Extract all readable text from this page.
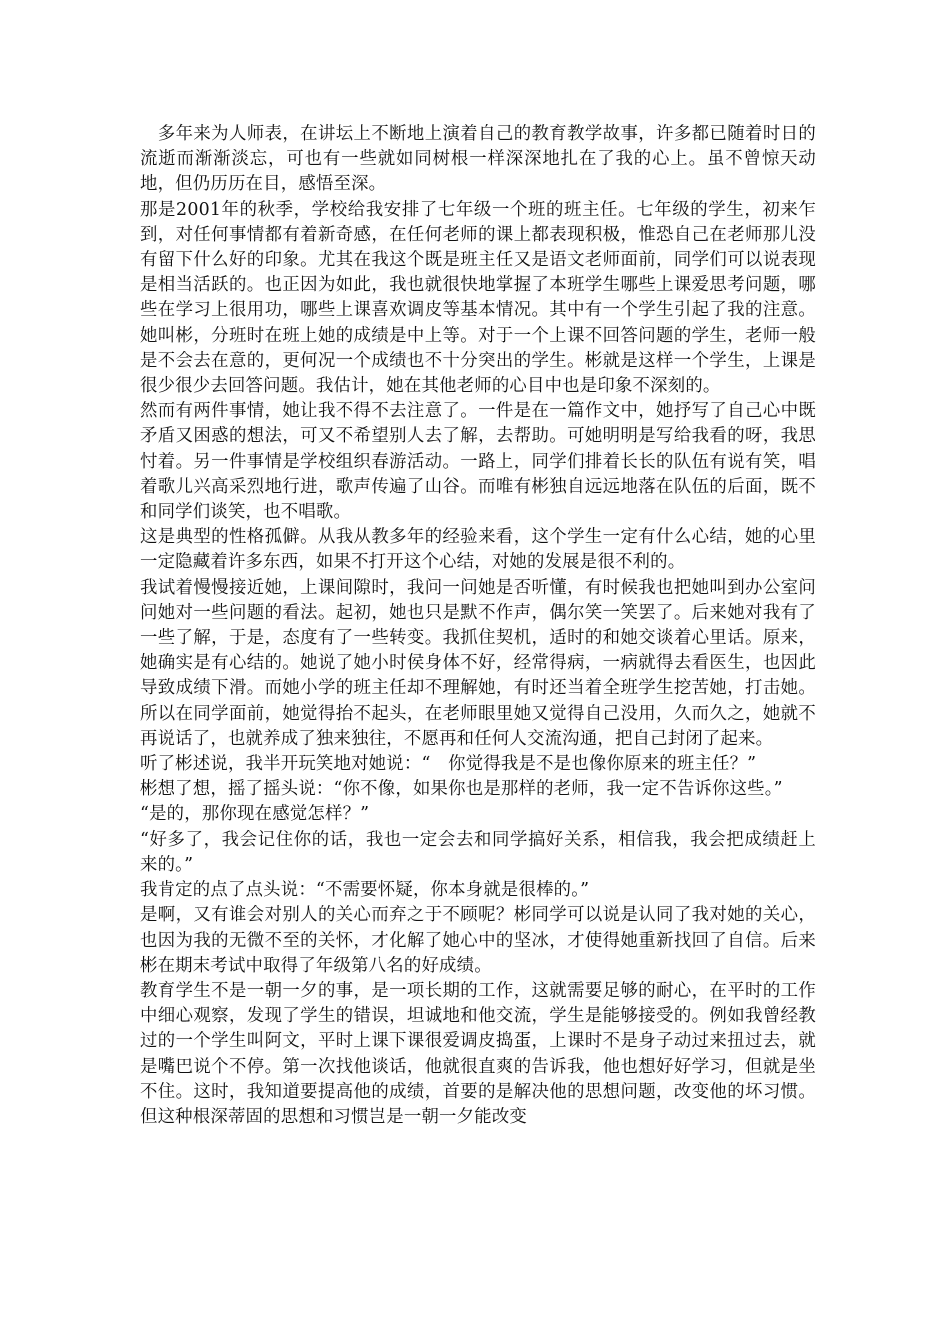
　多年来为人师表，在讲坛上不断地上演着自己的教育教学故事，许多都已随着时日的流逝而渐渐淡忘，可也有一些就如同树根一样深深地扎在了我的心上。虽不曾惊天动地，但仍历历在目，感悟至深。

那是2001年的秋季，学校给我安排了七年级一个班的班主任。七年级的学生，初来乍到，对任何事情都有着新奇感，在任何老师的课上都表现积极，惟恐自己在老师那儿没有留下什么好的印象。尤其在我这个既是班主任又是语文老师面前，同学们可以说表现是相当活跃的。也正因为如此，我也就很快地掌握了本班学生哪些上课爱思考问题，哪些在学习上很用功，哪些上课喜欢调皮等基本情况。其中有一个学生引起了我的注意。她叫彬，分班时在班上她的成绩是中上等。对于一个上课不回答问题的学生，老师一般是不会去在意的，更何况一个成绩也不十分突出的学生。彬就是这样一个学生，上课是很少很少去回答问题。我估计，她在其他老师的心目中也是印象不深刻的。

然而有两件事情，她让我不得不去注意了。一件是在一篇作文中，她抒写了自己心中既矛盾又困惑的想法，可又不希望别人去了解，去帮助。可她明明是写给我看的呀，我思忖着。另一件事情是学校组织春游活动。一路上，同学们排着长长的队伍有说有笑，唱着歌儿兴高采烈地行进，歌声传遍了山谷。而唯有彬独自远远地落在队伍的后面，既不和同学们谈笑，也不唱歌。

这是典型的性格孤僻。从我从教多年的经验来看，这个学生一定有什么心结，她的心里一定隐藏着许多东西，如果不打开这个心结，对她的发展是很不利的。

我试着慢慢接近她，上课间隙时，我问一问她是否听懂，有时候我也把她叫到办公室问问她对一些问题的看法。起初，她也只是默不作声，偶尔笑一笑罢了。后来她对我有了一些了解，于是，态度有了一些转变。我抓住契机，适时的和她交谈着心里话。原来，她确实是有心结的。她说了她小时侯身体不好，经常得病，一病就得去看医生，也因此导致成绩下滑。而她小学的班主任却不理解她，有时还当着全班学生挖苦她，打击她。所以在同学面前，她觉得抬不起头，在老师眼里她又觉得自己没用，久而久之，她就不再说话了，也就养成了独来独往，不愿再和任何人交流沟通，把自己封闭了起来。

听了彬述说，我半开玩笑地对她说：“　你觉得我是不是也像你原来的班主任？”

彬想了想，摇了摇头说：“你不像，如果你也是那样的老师，我一定不告诉你这些。”

“是的，那你现在感觉怎样？”

“好多了，我会记住你的话，我也一定会去和同学搞好关系，相信我，我会把成绩赶上来的。”

我肯定的点了点头说：“不需要怀疑，你本身就是很棒的。”

是啊，又有谁会对别人的关心而弃之于不顾呢？彬同学可以说是认同了我对她的关心，也因为我的无微不至的关怀，才化解了她心中的坚冰，才使得她重新找回了自信。后来彬在期末考试中取得了年级第八名的好成绩。

教育学生不是一朝一夕的事，是一项长期的工作，这就需要足够的耐心，在平时的工作中细心观察，发现了学生的错误，坦诚地和他交流，学生是能够接受的。例如我曾经教过的一个学生叫阿文，平时上课下课很爱调皮捣蛋，上课时不是身子动过来扭过去，就是嘴巴说个不停。第一次找他谈话，他就很直爽的告诉我，他也想好好学习，但就是坐不住。这时，我知道要提高他的成绩，首要的是解决他的思想问题，改变他的坏习惯。但这种根深蒂固的思想和习惯岂是一朝一夕能改变
